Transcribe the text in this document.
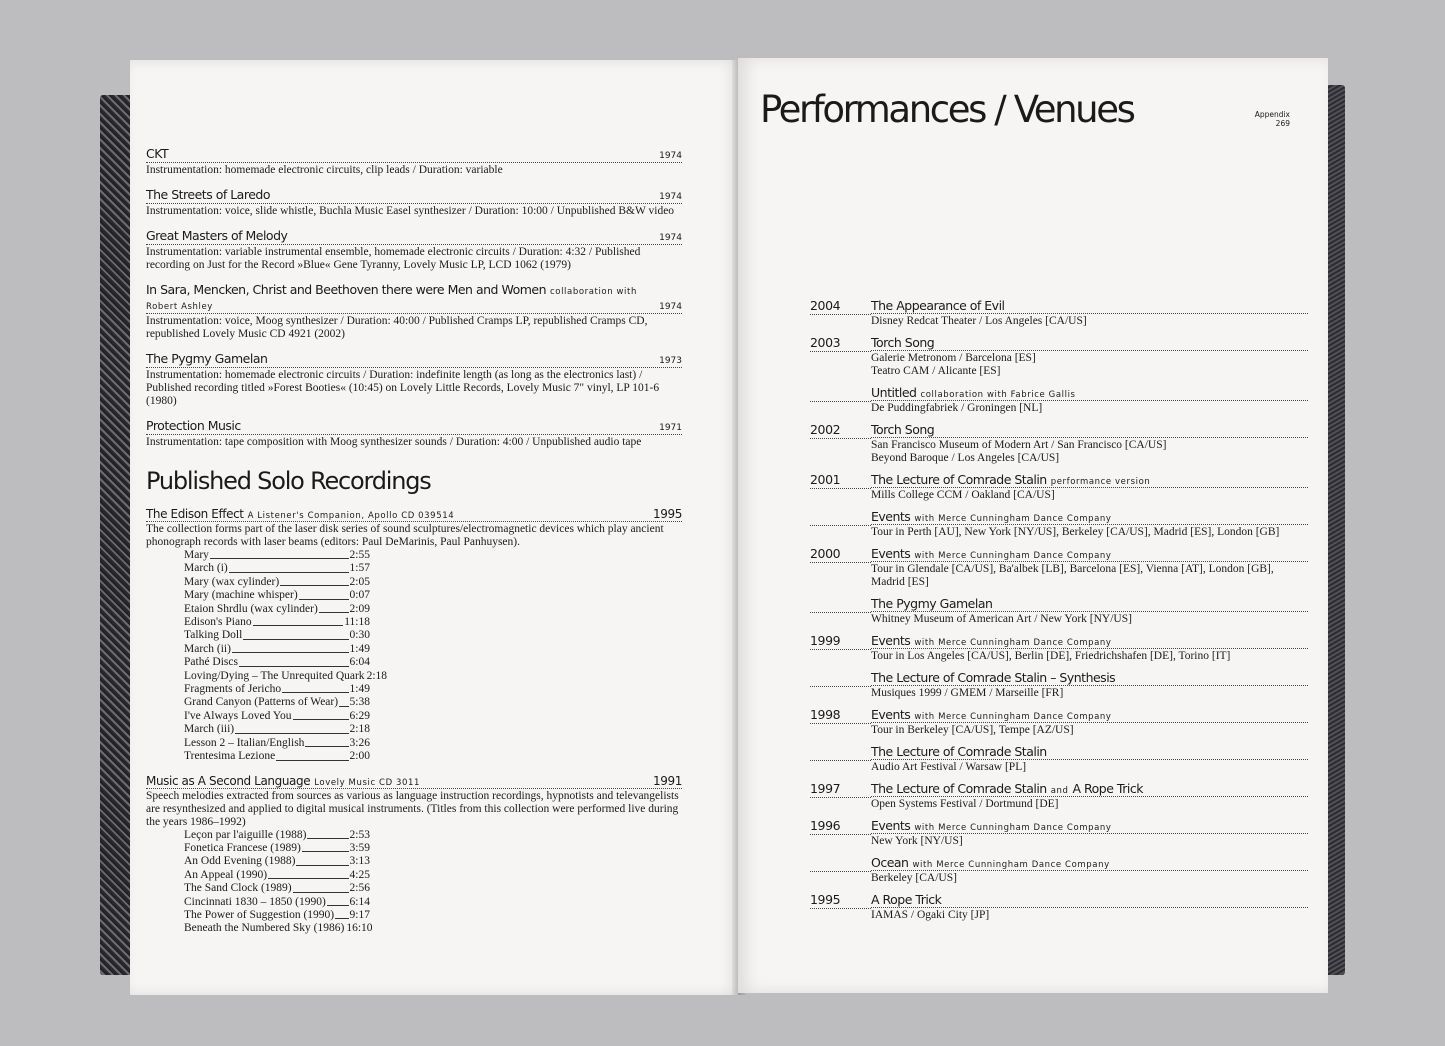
CKT	1974
Instrumentation: homemade electronic circuits, clip leads / Duration: variable
The Streets of Laredo	1974
Instrumentation: voice, slide whistle, Buchla Music Easel synthesizer / Duration: 10:00 / Unpublished B&W video
Great Masters of Melody	1974
Instrumentation: variable instrumental ensemble, homemade electronic circuits / Duration: 4:32 / Published recording on Just for the Record »Blue« Gene Tyranny, Lovely Music LP, LCD 1062 (1979)
In Sara, Mencken, Christ and Beethoven there were Men and Women collaboration with Robert Ashley	1974
Instrumentation: voice, Moog synthesizer / Duration: 40:00 / Published Cramps LP, republished Cramps CD, republished Lovely Music CD 4921 (2002)
The Pygmy Gamelan	1973
Instrumentation: homemade electronic circuits / Duration: indefinite length (as long as the electronics last) / Published recording titled »Forest Booties« (10:45) on Lovely Little Records, Lovely Music 7" vinyl, LP 101-6 (1980)
Protection Music	1971
Instrumentation: tape composition with Moog synthesizer sounds / Duration: 4:00 / Unpublished audio tape
Published Solo Recordings
The Edison Effect A Listener's Companion, Apollo CD 039514	1995
The collection forms part of the laser disk series of sound sculptures/electromagnetic devices which play ancient phonograph records with laser beams (editors: Paul DeMarinis, Paul Panhuysen).
Mary	2:55
March (i)	1:57
Mary (wax cylinder)	2:05
Mary (machine whisper)	0:07
Etaion Shrdlu (wax cylinder)	2:09
Edison's Piano	11:18
Talking Doll	0:30
March (ii)	1:49
Pathé Discs	6:04
Loving/Dying – The Unrequited Quark 2:18
Fragments of Jericho	1:49
Grand Canyon (Patterns of Wear) 5:38
I've Always Loved You	6:29
March (iii)	2:18
Lesson 2 – Italian/English	3:26
Trentesima Lezione	2:00
Music as A Second Language Lovely Music CD 3011	1991
Speech melodies extracted from sources as various as language instruction recordings, hypnotists and televangelists are resynthesized and applied to digital musical instruments. (Titles from this collection were performed live during the years 1986–1992)
Leçon par l'aiguille (1988)	2:53
Fonetica Francese (1989)	3:59
An Odd Evening (1988)	3:13
An Appeal (1990)	4:25
The Sand Clock (1989)	2:56
Cincinnati 1830 – 1850 (1990) 6:14
The Power of Suggestion (1990) 9:17
Beneath the Numbered Sky (1986) 16:10
Performances / Venues	Appendix
269
2004	The Appearance of Evil
Disney Redcat Theater / Los Angeles [CA/US]
2003	Torch Song
Galerie Metronom / Barcelona [ES]
Teatro CAM / Alicante [ES]
Untitled collaboration with Fabrice Gallis
De Puddingfabriek / Groningen [NL]
2002	Torch Song
San Francisco Museum of Modern Art / San Francisco [CA/US]
Beyond Baroque / Los Angeles [CA/US]
2001	The Lecture of Comrade Stalin performance version
Mills College CCM / Oakland [CA/US]
Events with Merce Cunningham Dance Company
Tour in Perth [AU], New York [NY/US], Berkeley [CA/US], Madrid [ES], London [GB]
2000	Events with Merce Cunningham Dance Company
Tour in Glendale [CA/US], Ba'albek [LB], Barcelona [ES], Vienna [AT], London [GB], Madrid [ES]
The Pygmy Gamelan
Whitney Museum of American Art / New York [NY/US]
1999	Events with Merce Cunningham Dance Company
Tour in Los Angeles [CA/US], Berlin [DE], Friedrichshafen [DE], Torino [IT]
The Lecture of Comrade Stalin – Synthesis
Musiques 1999 / GMEM / Marseille [FR]
1998	Events with Merce Cunningham Dance Company
Tour in Berkeley [CA/US], Tempe [AZ/US]
The Lecture of Comrade Stalin
Audio Art Festival / Warsaw [PL]
1997	The Lecture of Comrade Stalin and A Rope Trick
Open Systems Festival / Dortmund [DE]
1996	Events with Merce Cunningham Dance Company
New York [NY/US]
Ocean with Merce Cunningham Dance Company
Berkeley [CA/US]
1995	A Rope Trick
IAMAS / Ogaki City [JP]
